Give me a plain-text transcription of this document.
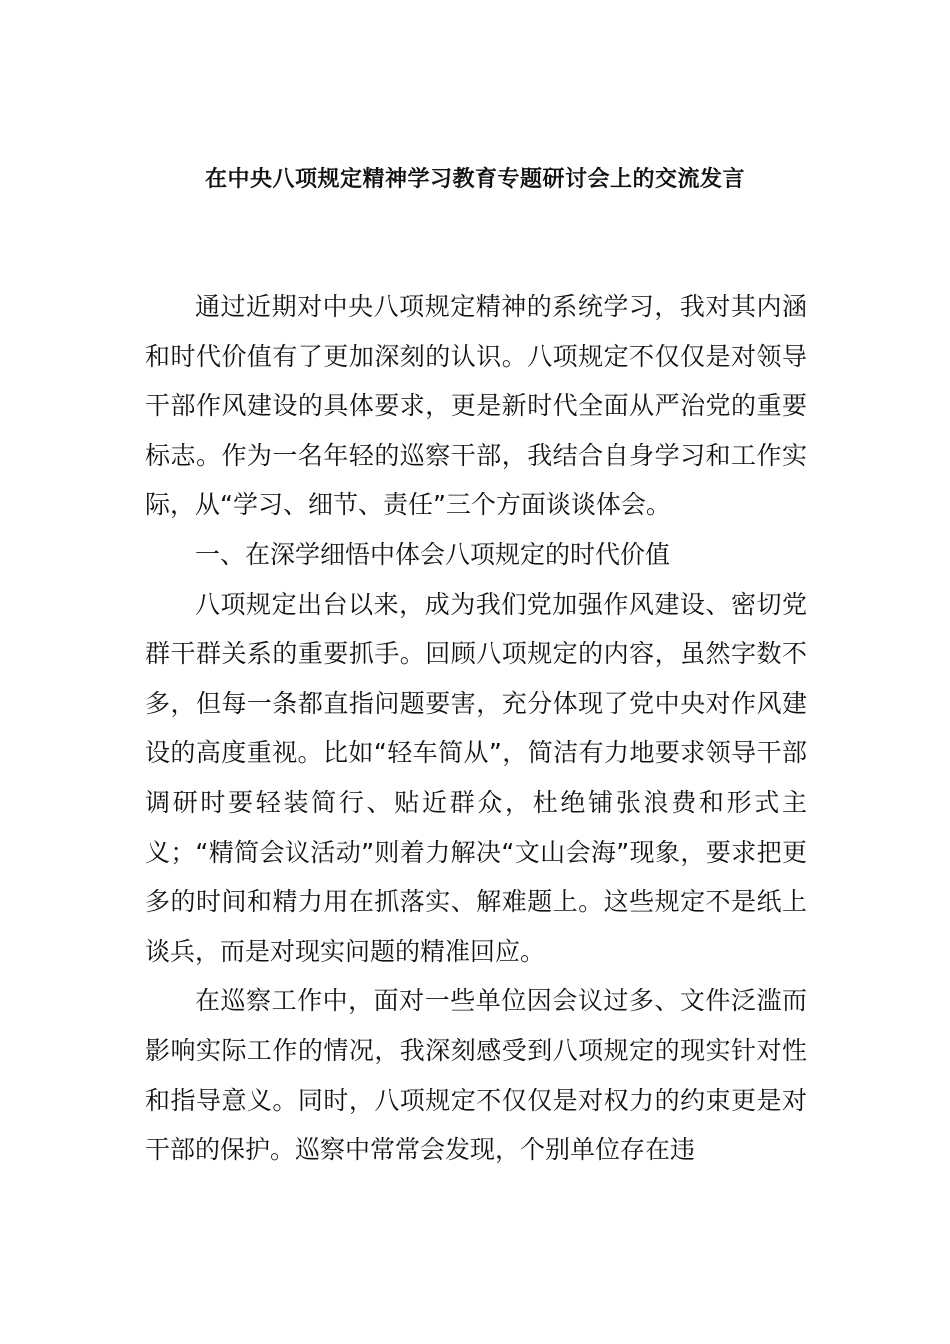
在中央八项规定精神学习教育专题研讨会上的交流发言

通过近期对中央八项规定精神的系统学习，我对其内涵和时代价值有了更加深刻的认识。八项规定不仅仅是对领导干部作风建设的具体要求，更是新时代全面从严治党的重要标志。作为一名年轻的巡察干部，我结合自身学习和工作实际，从“学习、细节、责任”三个方面谈谈体会。

一、在深学细悟中体会八项规定的时代价值

八项规定出台以来，成为我们党加强作风建设、密切党群干群关系的重要抓手。回顾八项规定的内容，虽然字数不多，但每一条都直指问题要害，充分体现了党中央对作风建设的高度重视。比如“轻车简从”，简洁有力地要求领导干部调研时要轻装简行、贴近群众，杜绝铺张浪费和形式主义；“精简会议活动”则着力解决“文山会海”现象，要求把更多的时间和精力用在抓落实、解难题上。这些规定不是纸上谈兵，而是对现实问题的精准回应。

在巡察工作中，面对一些单位因会议过多、文件泛滥而影响实际工作的情况，我深刻感受到八项规定的现实针对性和指导意义。同时，八项规定不仅仅是对权力的约束更是对干部的保护。巡察中常常会发现，个别单位存在违
